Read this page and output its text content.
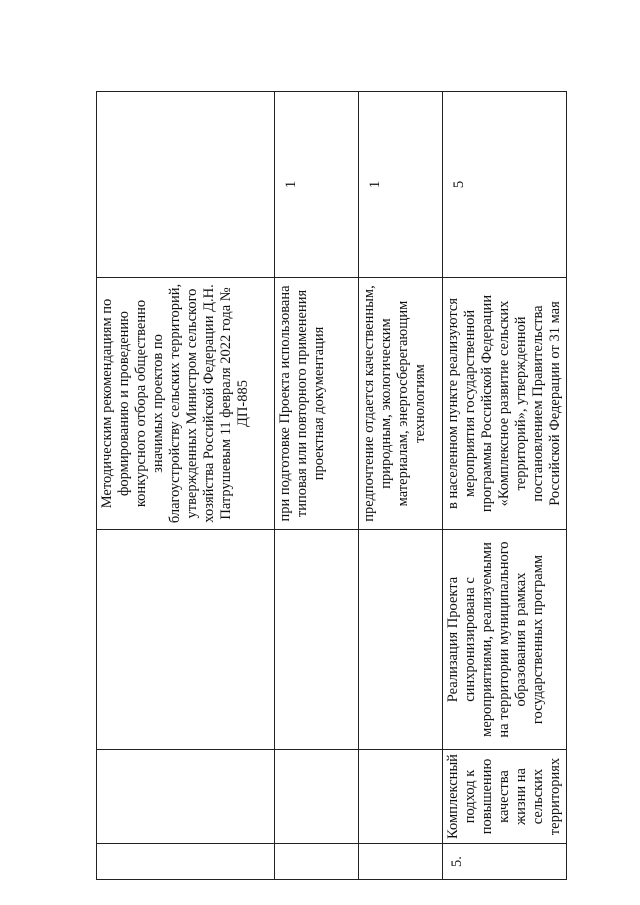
			Методическим рекомендациям по формированию и проведению конкурсного отбора общественно значимых проектов по благоустройству сельских территорий, утвержденных Министром сельского хозяйства Российской Федерации Д.Н. Патрушевым 11 февраля 2022 года № ДП-885	
			при подготовке Проекта использована типовая или повторного применения проектная документация	1
			предпочтение отдается качественным, природным, экологическим материалам, энергосберегающим технологиям	1
5.	Комплексный подход к повышению качества жизни на сельских территориях	Реализация Проекта синхронизирована с мероприятиями, реализуемыми на территории муниципального образования в рамках государственных программ	в населенном пункте реализуются мероприятия государственной программы Российской Федерации «Комплексное развитие сельских территорий», утвержденной постановлением Правительства Российской Федерации от 31 мая	5
